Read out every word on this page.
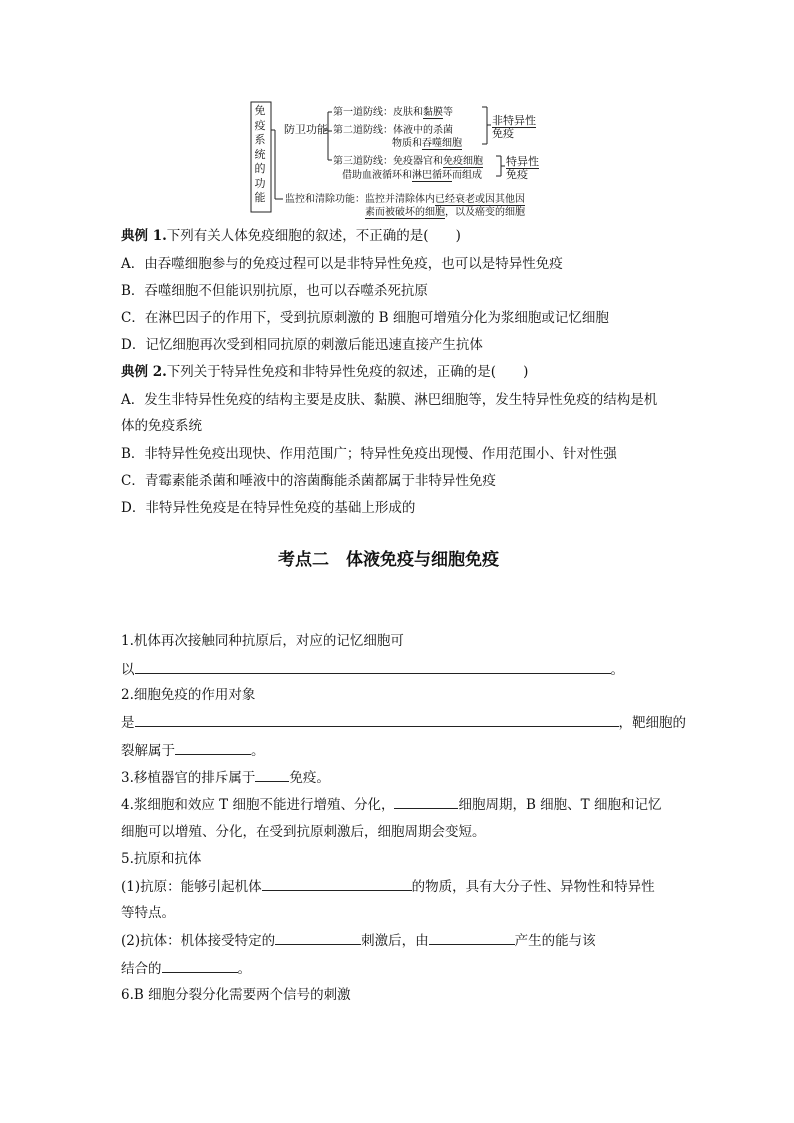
免疫系统的功能
防卫功能
第一道防线：皮肤和黏膜等
第二道防线：体液中的杀菌
物质和吞噬细胞
非特异性
免疫
第三道防线：免疫器官和免疫细胞
借助血液循环和淋巴循环而组成
特异性
免疫
监控和清除功能：监控并清除体内已经衰老或因其他因
素而被破坏的细胞，以及癌变的细胞
典例 1.下列有关人体免疫细胞的叙述，不正确的是(　　)
A．由吞噬细胞参与的免疫过程可以是非特异性免疫，也可以是特异性免疫
B．吞噬细胞不但能识别抗原，也可以吞噬杀死抗原
C．在淋巴因子的作用下，受到抗原刺激的 B 细胞可增殖分化为浆细胞或记忆细胞
D．记忆细胞再次受到相同抗原的刺激后能迅速直接产生抗体
典例 2.下列关于特异性免疫和非特异性免疫的叙述，正确的是(　　)
A．发生非特异性免疫的结构主要是皮肤、黏膜、淋巴细胞等，发生特异性免疫的结构是机
体的免疫系统
B．非特异性免疫出现快、作用范围广；特异性免疫出现慢、作用范围小、针对性强
C．青霉素能杀菌和唾液中的溶菌酶能杀菌都属于非特异性免疫
D．非特异性免疫是在特异性免疫的基础上形成的
考点二　体液免疫与细胞免疫
1.机体再次接触同种抗原后，对应的记忆细胞可
以	。
2.细胞免疫的作用对象
是	，靶细胞的
裂解属于	。
3.移植器官的排斥属于	免疫。
4.浆细胞和效应 T 细胞不能进行增殖、分化，	细胞周期，B 细胞、T 细胞和记忆
细胞可以增殖、分化，在受到抗原刺激后，细胞周期会变短。
5.抗原和抗体
(1)抗原：能够引起机体	的物质，具有大分子性、异物性和特异性
等特点。
(2)抗体：机体接受特定的	刺激后，由	产生的能与该
结合的	。
6.B 细胞分裂分化需要两个信号的刺激
